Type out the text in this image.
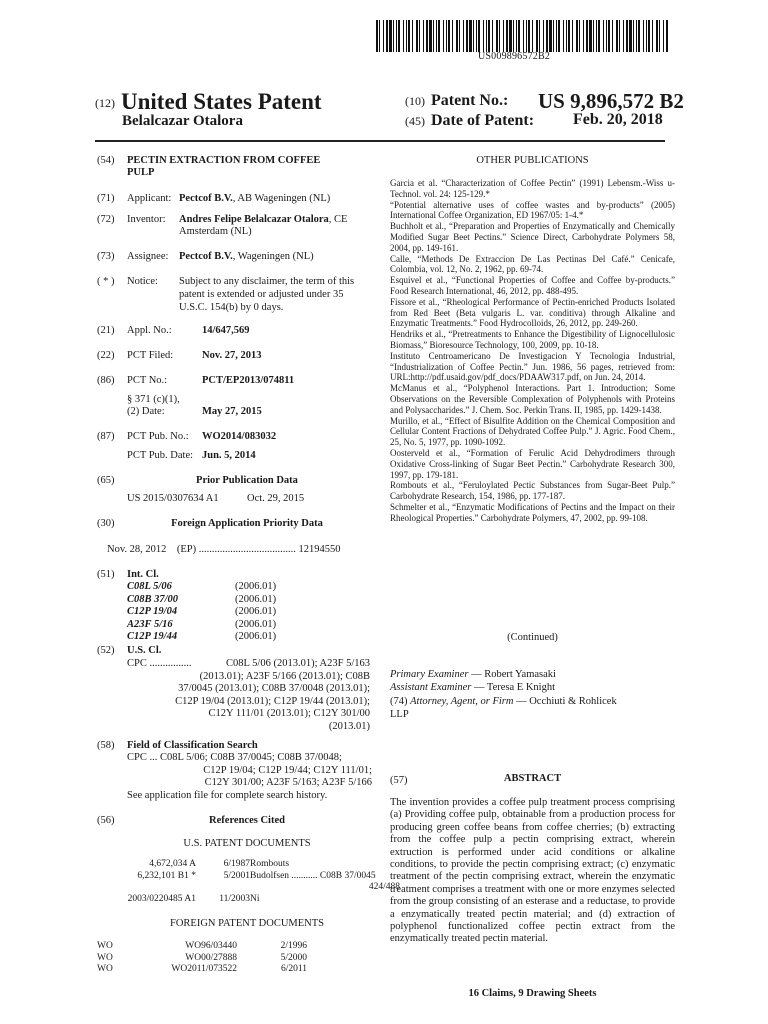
US009896572B2
(12) United States Patent
Belalcazar Otalora
(10) Patent No.: US 9,896,572 B2
(45) Date of Patent: Feb. 20, 2018
(54) PECTIN EXTRACTION FROM COFFEE
PULP
(71) Applicant: Pectcof B.V., AB Wageningen (NL)
(72) Inventor: Andres Felipe Belalcazar Otalora, CE
Amsterdam (NL)
(73) Assignee: Pectcof B.V., Wageningen (NL)
( * ) Notice: Subject to any disclaimer, the term of this
patent is extended or adjusted under 35
U.S.C. 154(b) by 0 days.
(21) Appl. No.:	14/647,569
(22) PCT Filed:	Nov. 27, 2013
(86) PCT No.:	PCT/EP2013/074811
§ 371 (c)(1),
(2) Date:	May 27, 2015
(87) PCT Pub. No.: WO2014/083032
PCT Pub. Date: Jun. 5, 2014
(65)	Prior Publication Data
US 2015/0307634 A1	Oct. 29, 2015
(30)	Foreign Application Priority Data
Nov. 28, 2012    (EP) ..................................... 12194550
(51) Int. Cl.
C08L 5/06	(2006.01)
C08B 37/00	(2006.01)
C12P 19/04	(2006.01)
A23F 5/16	(2006.01)
C12P 19/44	(2006.01)
(52) U.S. Cl.
CPC ................	C08L 5/06 (2013.01); A23F 5/163
(2013.01); A23F 5/166 (2013.01); C08B
37/0045 (2013.01); C08B 37/0048 (2013.01);
C12P 19/04 (2013.01); C12P 19/44 (2013.01);
C12Y 111/01 (2013.01); C12Y 301/00
(2013.01)
(58) Field of Classification Search
CPC ... C08L 5/06; C08B 37/0045; C08B 37/0048;
C12P 19/04; C12P 19/44; C12Y 111/01;
C12Y 301/00; A23F 5/163; A23F 5/166
See application file for complete search history.
(56)	References Cited
U.S. PATENT DOCUMENTS
4,672,034 A	6/1987 Rombouts
6,232,101 B1 *	5/2001 Budolfsen ........... C08B 37/0045
424/488
2003/0220485 A1	11/2003 Ni
FOREIGN PATENT DOCUMENTS
WO	WO96/03440	2/1996
WO	WO00/27888	5/2000
WO	WO2011/073522	6/2011
OTHER PUBLICATIONS

Garcia et al. “Characterization of Coffee Pectin” (1991) Lebensm.-Wiss u-Technol. vol. 24: 125-129.*

“Potential alternative uses of coffee wastes and by-products” (2005) International Coffee Organization, ED 1967/05: 1-4.*

Buchholt et al., “Preparation and Properties of Enzymatically and Chemically Modified Sugar Beet Pectins.” Science Direct, Carbohydrate Polymers 58, 2004, pp. 149-161.

Calle, “Methods De Extraccion De Las Pectinas Del Café.” Cenicafe, Colombia, vol. 12, No. 2, 1962, pp. 69-74.

Esquivel et al., “Functional Properties of Coffee and Coffee by-products.” Food Research International, 46, 2012, pp. 488-495.

Fissore et al., “Rheological Performance of Pectin-enriched Products Isolated from Red Beet (Beta vulgaris L. var. conditiva) through Alkaline and Enzymatic Treatments.” Food Hydrocolloids, 26, 2012, pp. 249-260.

Hendriks et al., “Pretreatments to Enhance the Digestibility of Lignocellulosic Biomass,” Bioresource Technology, 100, 2009, pp. 10-18.

Instituto Centroamericano De Investigacion Y Tecnologia Industrial, “Industrialization of Coffee Pectin.” Jun. 1986, 56 pages, retrieved from: URL:http://pdf.usaid.gov/pdf_docs/PDAAW317.pdf, on Jun. 24, 2014.

McManus et al., “Polyphenol Interactions. Part 1. Introduction; Some Observations on the Reversible Complexation of Polyphenols with Proteins and Polysaccharides.” J. Chem. Soc. Perkin Trans. II, 1985, pp. 1429-1438.

Murillo, et al., “Effect of Bisulfite Addition on the Chemical Composition and Cellular Content Fractions of Dehydrated Coffee Pulp.” J. Agric. Food Chem., 25, No. 5, 1977, pp. 1090-1092.

Oosterveld et al., “Formation of Ferulic Acid Dehydrodimers through Oxidative Cross-linking of Sugar Beet Pectin.” Carbohydrate Research 300, 1997, pp. 179-181.

Rombouts et al., “Feruloylated Pectic Substances from Sugar-Beet Pulp.” Carbohydrate Research, 154, 1986, pp. 177-187.

Schmelter et al., “Enzymatic Modifications of Pectins and the Impact on their Rheological Properties.” Carbohydrate Polymers, 47, 2002, pp. 99-108.

(Continued)
Primary Examiner — Robert Yamasaki
Assistant Examiner — Teresa E Knight
(74) Attorney, Agent, or Firm — Occhiuti & Rohlicek
LLP
(57)	ABSTRACT
The invention provides a coffee pulp treatment process comprising (a) Providing coffee pulp, obtainable from a production process for producing green coffee beans from coffee cherries; (b) extracting from the coffee pulp a pectin comprising extract, wherein extruction is performed under acid conditions or alkaline conditions, to provide the pectin comprising extract; (c) enzymatic treatment of the pectin comprising extract, wherein the enzymatic treatment comprises a treatment with one or more enzymes selected from the group consisting of an esterase and a reductase, to provide a enzymatically treated pectin material; and (d) extraction of polyphenol functionalized coffee pectin extract from the enzymatically treated pectin material.
16 Claims, 9 Drawing Sheets
